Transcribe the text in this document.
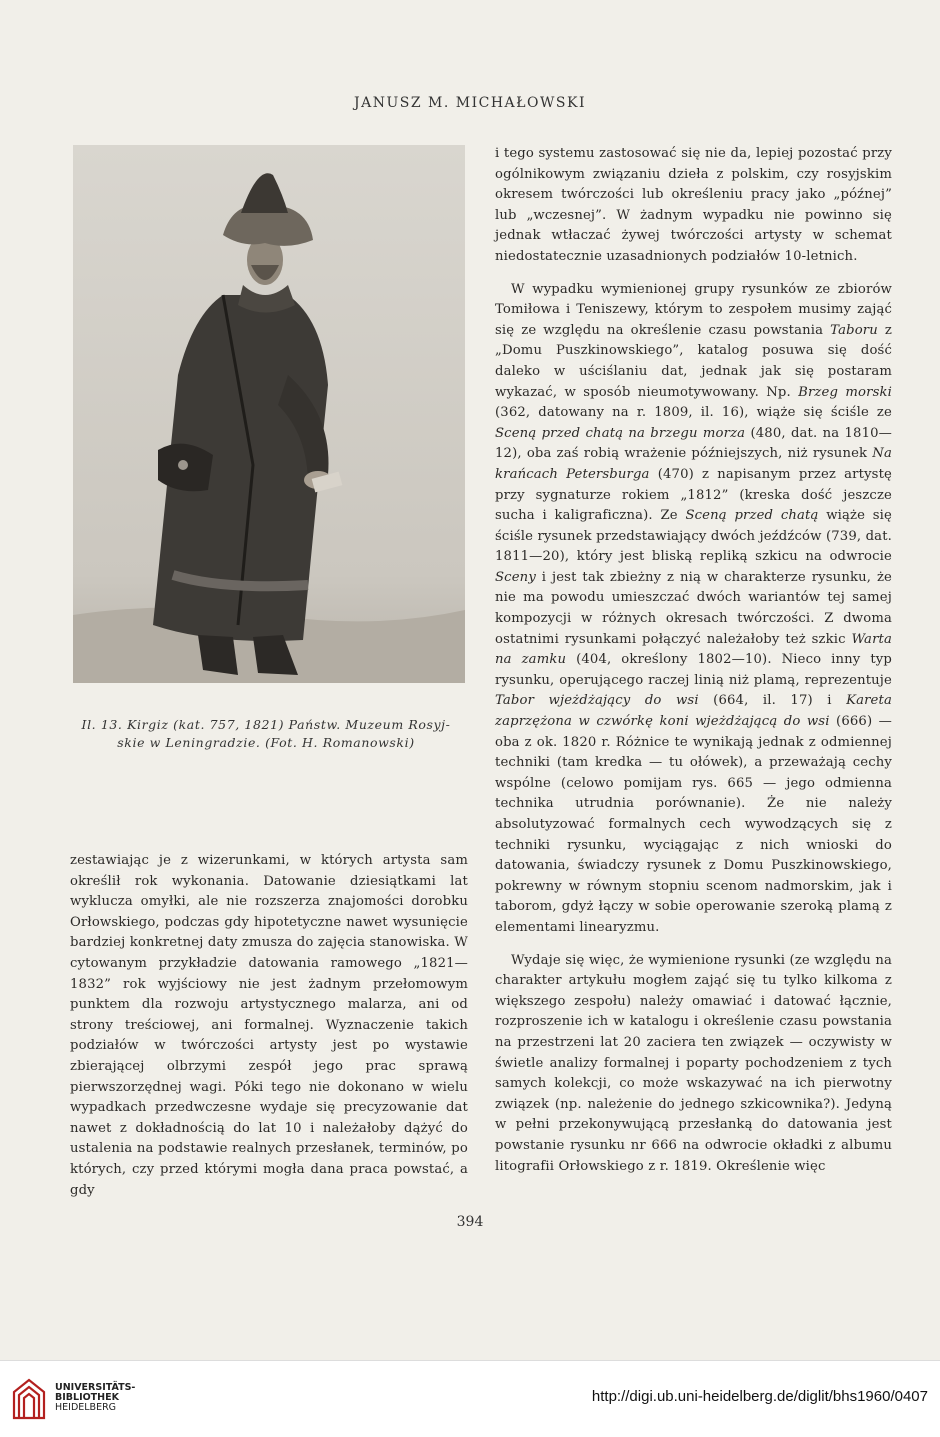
JANUSZ M. MICHAŁOWSKI
Il. 13. Kirgiz (kat. 757, 1821) Państw. Muzeum Rosyj-
skie w Leningradzie. (Fot. H. Romanowski)

zestawiając je z wizerunkami, w których artysta sam określił rok wykonania. Datowanie dziesiątkami lat wyklucza omyłki, ale nie rozszerza znajomości dorobku Orłowskiego, podczas gdy hipotetyczne nawet wysunięcie bardziej konkretnej daty zmusza do zajęcia stanowiska. W cytowanym przykładzie datowania ramowego „1821—1832” rok wyjściowy nie jest żadnym przełomowym punktem dla rozwoju artystycznego malarza, ani od strony treściowej, ani formalnej. Wyznaczenie takich podziałów w twórczości artysty jest po wystawie zbierającej olbrzymi zespół jego prac sprawą pierwszorzędnej wagi. Póki tego nie dokonano w wielu wypadkach przedwczesne wydaje się precyzowanie dat nawet z dokładnością do lat 10 i należałoby dążyć do ustalenia na podstawie realnych przesłanek, terminów, po których, czy przed którymi mogła dana praca powstać, a gdy

i tego systemu zastosować się nie da, lepiej pozostać przy ogólnikowym związaniu dzieła z polskim, czy rosyjskim okresem twórczości lub określeniu pracy jako „późnej” lub „wczesnej”. W żadnym wypadku nie powinno się jednak wtłaczać żywej twórczości artysty w schemat niedostatecznie uzasadnionych podziałów 10-letnich.

W wypadku wymienionej grupy rysunków ze zbiorów Tomiłowa i Teniszewy, którym to zespołem musimy zająć się ze względu na określenie czasu powstania Taboru z „Domu Puszkinowskiego”, katalog posuwa się dość daleko w uściślaniu dat, jednak jak się postaram wykazać, w sposób nieumotywowany. Np. Brzeg morski (362, datowany na r. 1809, il. 16), wiąże się ściśle ze Sceną przed chatą na brzegu morza (480, dat. na 1810—12), oba zaś robią wrażenie późniejszych, niż rysunek Na krańcach Petersburga (470) z napisanym przez artystę przy sygnaturze rokiem „1812” (kreska dość jeszcze sucha i kaligraficzna). Ze Sceną przed chatą wiąże się ściśle rysunek przedstawiający dwóch jeźdźców (739, dat. 1811—20), który jest bliską repliką szkicu na odwrocie Sceny i jest tak zbieżny z nią w charakterze rysunku, że nie ma powodu umieszczać dwóch wariantów tej samej kompozycji w różnych okresach twórczości. Z dwoma ostatnimi rysunkami połączyć należałoby też szkic Warta na zamku (404, określony 1802—10). Nieco inny typ rysunku, operującego raczej linią niż plamą, reprezentuje Tabor wjeżdżający do wsi (664, il. 17) i Kareta zaprzężona w czwórkę koni wjeżdżającą do wsi (666) — oba z ok. 1820 r. Różnice te wynikają jednak z odmiennej techniki (tam kredka — tu ołówek), a przeważają cechy wspólne (celowo pomijam rys. 665 — jego odmienna technika utrudnia porównanie). Że nie należy absolutyzować formalnych cech wywodzących się z techniki rysunku, wyciągając z nich wnioski do datowania, świadczy rysunek z Domu Puszkinowskiego, pokrewny w równym stopniu scenom nadmorskim, jak i taborom, gdyż łączy w sobie operowanie szeroką plamą z elementami linearyzmu.

Wydaje się więc, że wymienione rysunki (ze względu na charakter artykułu mogłem zająć się tu tylko kilkoma z większego zespołu) należy omawiać i datować łącznie, rozproszenie ich w katalogu i określenie czasu powstania na przestrzeni lat 20 zaciera ten związek — oczywisty w świetle analizy formalnej i poparty pochodzeniem z tych samych kolekcji, co może wskazywać na ich pierwotny związek (np. należenie do jednego szkicownika?). Jedyną w pełni przekonywującą przesłanką do datowania jest powstanie rysunku nr 666 na odwrocie okładki z albumu litografii Orłowskiego z r. 1819. Określenie więc

394
UNIVERSITÄTS-
BIBLIOTHEK
HEIDELBERG
http://digi.ub.uni-heidelberg.de/diglit/bhs1960/0407
